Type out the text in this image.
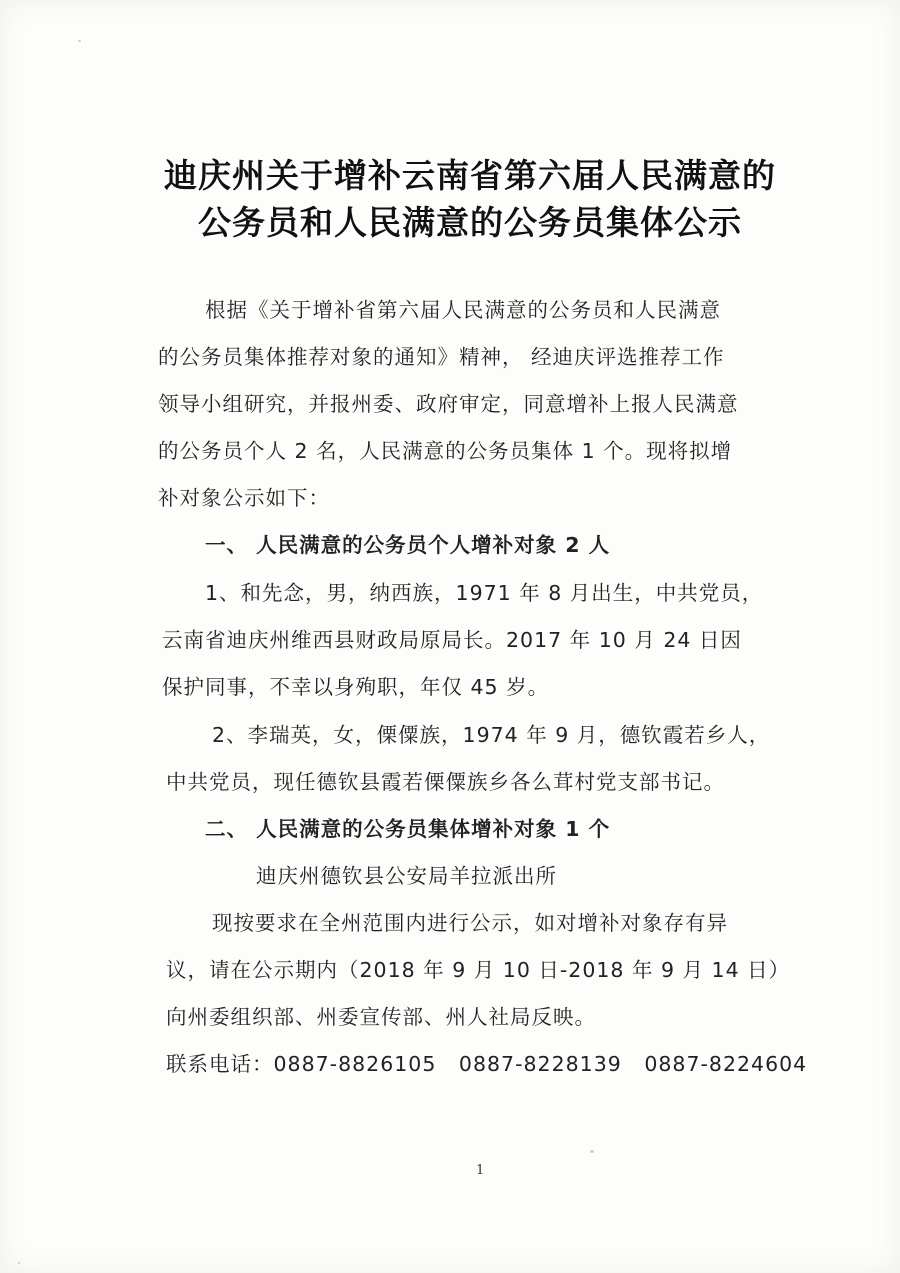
迪庆州关于增补云南省第六届人民满意的
公务员和人民满意的公务员集体公示
根据《关于增补省第六届人民满意的公务员和人民满意
的公务员集体推荐对象的通知》精神， 经迪庆评选推荐工作
领导小组研究，并报州委、政府审定，同意增补上报人民满意
的公务员个人 2 名，人民满意的公务员集体 1 个。现将拟增
补对象公示如下：
一、 人民满意的公务员个人增补对象 2 人
1、和先念，男，纳西族，1971 年 8 月出生，中共党员，
云南省迪庆州维西县财政局原局长。2017 年 10 月 24 日因
保护同事，不幸以身殉职，年仅 45 岁。
2、李瑞英，女，傈僳族，1974 年 9 月，德钦霞若乡人，
中共党员，现任德钦县霞若傈僳族乡各么茸村党支部书记。
二、 人民满意的公务员集体增补对象 1 个
迪庆州德钦县公安局羊拉派出所
现按要求在全州范围内进行公示，如对增补对象存有异
议，请在公示期内（2018 年 9 月 10 日-2018 年 9 月 14 日）
向州委组织部、州委宣传部、州人社局反映。
联系电话：0887-8826105   0887-8228139   0887-8224604
1
